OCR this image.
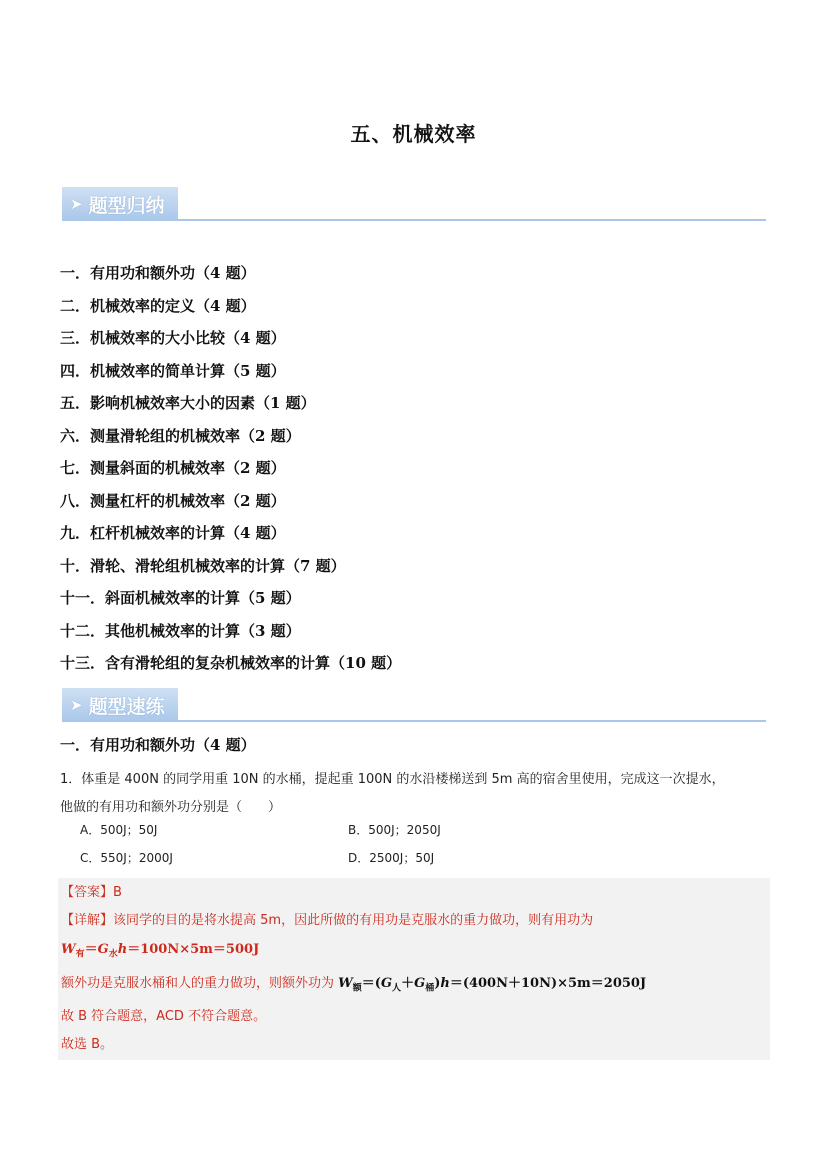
五、机械效率
➤ 题型归纳
一．有用功和额外功（4 题）
二．机械效率的定义（4 题）
三．机械效率的大小比较（4 题）
四．机械效率的简单计算（5 题）
五．影响机械效率大小的因素（1 题）
六．测量滑轮组的机械效率（2 题）
七．测量斜面的机械效率（2 题）
八．测量杠杆的机械效率（2 题）
九．杠杆机械效率的计算（4 题）
十．滑轮、滑轮组机械效率的计算（7 题）
十一．斜面机械效率的计算（5 题）
十二．其他机械效率的计算（3 题）
十三．含有滑轮组的复杂机械效率的计算（10 题）
➤ 题型速练
一．有用功和额外功（4 题）
1．体重是 400N 的同学用重 10N 的水桶，提起重 100N 的水沿楼梯送到 5m 高的宿舍里使用，完成这一次提水，
他做的有用功和额外功分别是（　　）
A．500J；50J	B．500J；2050J
C．550J；2000J	D．2500J；50J
【答案】B
【详解】该同学的目的是将水提高 5m，因此所做的有用功是克服水的重力做功，则有用功为
$W_有=G_水h=100N\times 5m=500J$
额外功是克服水桶和人的重力做功，则额外功为 $W_额=(G_人+G_桶)h=(400N+10N)\times 5m=2050J$
故 B 符合题意，ACD 不符合题意。
故选 B。
